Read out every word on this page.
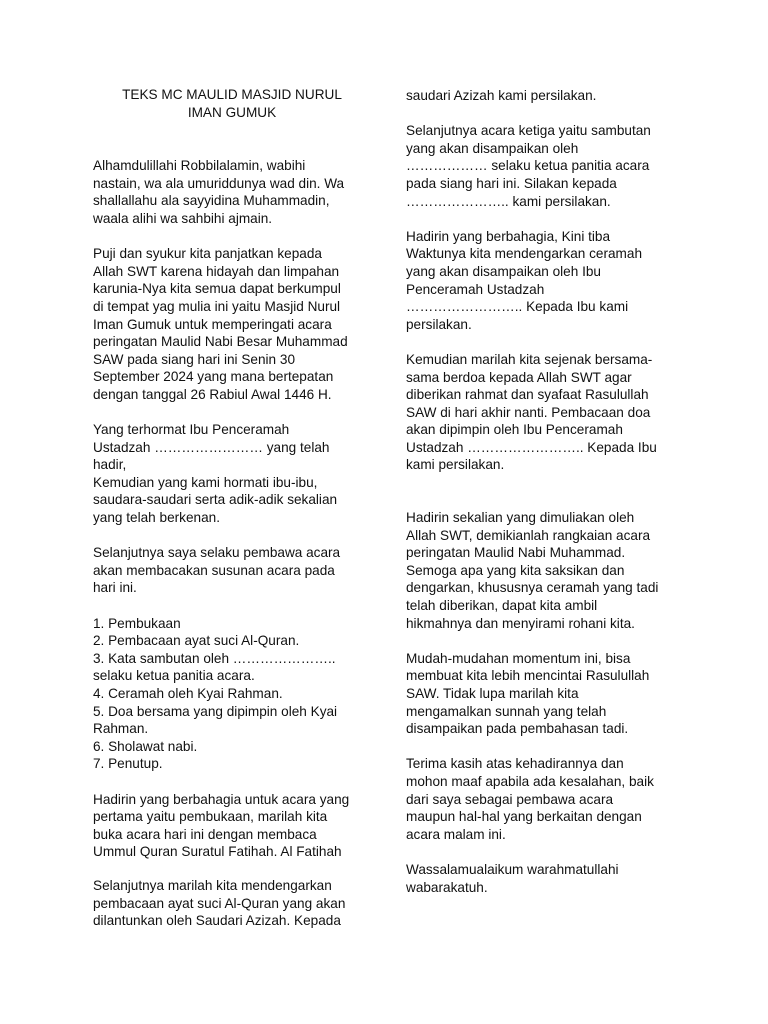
TEKS MC MAULID MASJID NURUL
IMAN GUMUK

Alhamdulillahi Robbilalamin, wabihi
nastain, wa ala umuriddunya wad din. Wa
shallallahu ala sayyidina Muhammadin,
waala alihi wa sahbihi ajmain.

Puji dan syukur kita panjatkan kepada
Allah SWT karena hidayah dan limpahan
karunia-Nya kita semua dapat berkumpul
di tempat yag mulia ini yaitu Masjid Nurul
Iman Gumuk untuk memperingati acara
peringatan Maulid Nabi Besar Muhammad
SAW pada siang hari ini Senin 30
September 2024 yang mana bertepatan
dengan tanggal 26 Rabiul Awal 1446 H.

Yang terhormat Ibu Penceramah
Ustadzah …………………… yang telah
hadir,
Kemudian yang kami hormati ibu-ibu,
saudara-saudari serta adik-adik sekalian
yang telah berkenan.

Selanjutnya saya selaku pembawa acara
akan membacakan susunan acara pada
hari ini.

1. Pembukaan

2. Pembacaan ayat suci Al-Quran.

3. Kata sambutan oleh …………………..
selaku ketua panitia acara.

4. Ceramah oleh Kyai Rahman.

5. Doa bersama yang dipimpin oleh Kyai
Rahman.

6. Sholawat nabi.

7. Penutup.

Hadirin yang berbahagia untuk acara yang
pertama yaitu pembukaan, marilah kita
buka acara hari ini dengan membaca
Ummul Quran Suratul Fatihah. Al Fatihah

Selanjutnya marilah kita mendengarkan
pembacaan ayat suci Al-Quran yang akan
dilantunkan oleh Saudari Azizah. Kepada

saudari Azizah kami persilakan.

Selanjutnya acara ketiga yaitu sambutan
yang akan disampaikan oleh
……………… selaku ketua panitia acara
pada siang hari ini. Silakan kepada
………………….. kami persilakan.

Hadirin yang berbahagia, Kini tiba
Waktunya kita mendengarkan ceramah
yang akan disampaikan oleh Ibu
Penceramah Ustadzah
…………………….. Kepada Ibu kami
persilakan.

Kemudian marilah kita sejenak bersama-
sama berdoa kepada Allah SWT agar
diberikan rahmat dan syafaat Rasulullah
SAW di hari akhir nanti. Pembacaan doa
akan dipimpin oleh Ibu Penceramah
Ustadzah …………………….. Kepada Ibu
kami persilakan.

Hadirin sekalian yang dimuliakan oleh
Allah SWT, demikianlah rangkaian acara
peringatan Maulid Nabi Muhammad.
Semoga apa yang kita saksikan dan
dengarkan, khususnya ceramah yang tadi
telah diberikan, dapat kita ambil
hikmahnya dan menyirami rohani kita.

Mudah-mudahan momentum ini, bisa
membuat kita lebih mencintai Rasulullah
SAW. Tidak lupa marilah kita
mengamalkan sunnah yang telah
disampaikan pada pembahasan tadi.

Terima kasih atas kehadirannya dan
mohon maaf apabila ada kesalahan, baik
dari saya sebagai pembawa acara
maupun hal-hal yang berkaitan dengan
acara malam ini.

Wassalamualaikum warahmatullahi
wabarakatuh.
